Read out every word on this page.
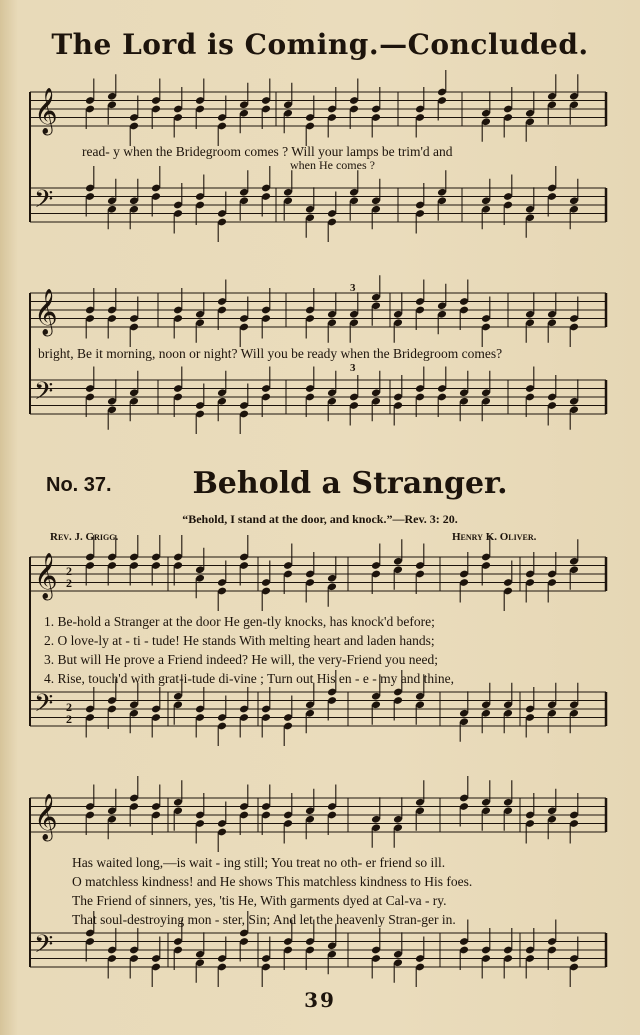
The Lord is Coming.—Concluded.
𝄞
𝄢
𝄞
𝄢
𝄞
𝄢
𝄞
𝄢
read- y when the Bridegroom comes ? Will your lamps be trim'd and
when He comes ?
bright, Be it morning, noon or night? Will you be ready when the Bridegroom comes?
3
3
No. 37.	Behold a Stranger.
“Behold, I stand at the door, and knock.”—Rev. 3: 20.
Rev. J. Grigg.	Henry K. Oliver.
2
2
2
2
1. Be-hold a Stranger at the door He gen-tly knocks, has knock'd before;
2. O love-ly at - ti - tude! He stands With melting heart and laden hands;
3. But will He prove a Friend indeed? He will, the very-Friend you need;
4. Rise, touch'd with grat-i-tude di-vine ; Turn out His en - e - my and thine,
Has waited long,—is wait - ing still; You treat no oth- er friend so ill.
O matchless kindness! and He shows This matchless kindness to His foes.
The Friend of sinners, yes, 'tis He, With garments dyed at Cal-va - ry.
That soul-destroying mon - ster, Sin; And let the heavenly Stran-ger in.
39
